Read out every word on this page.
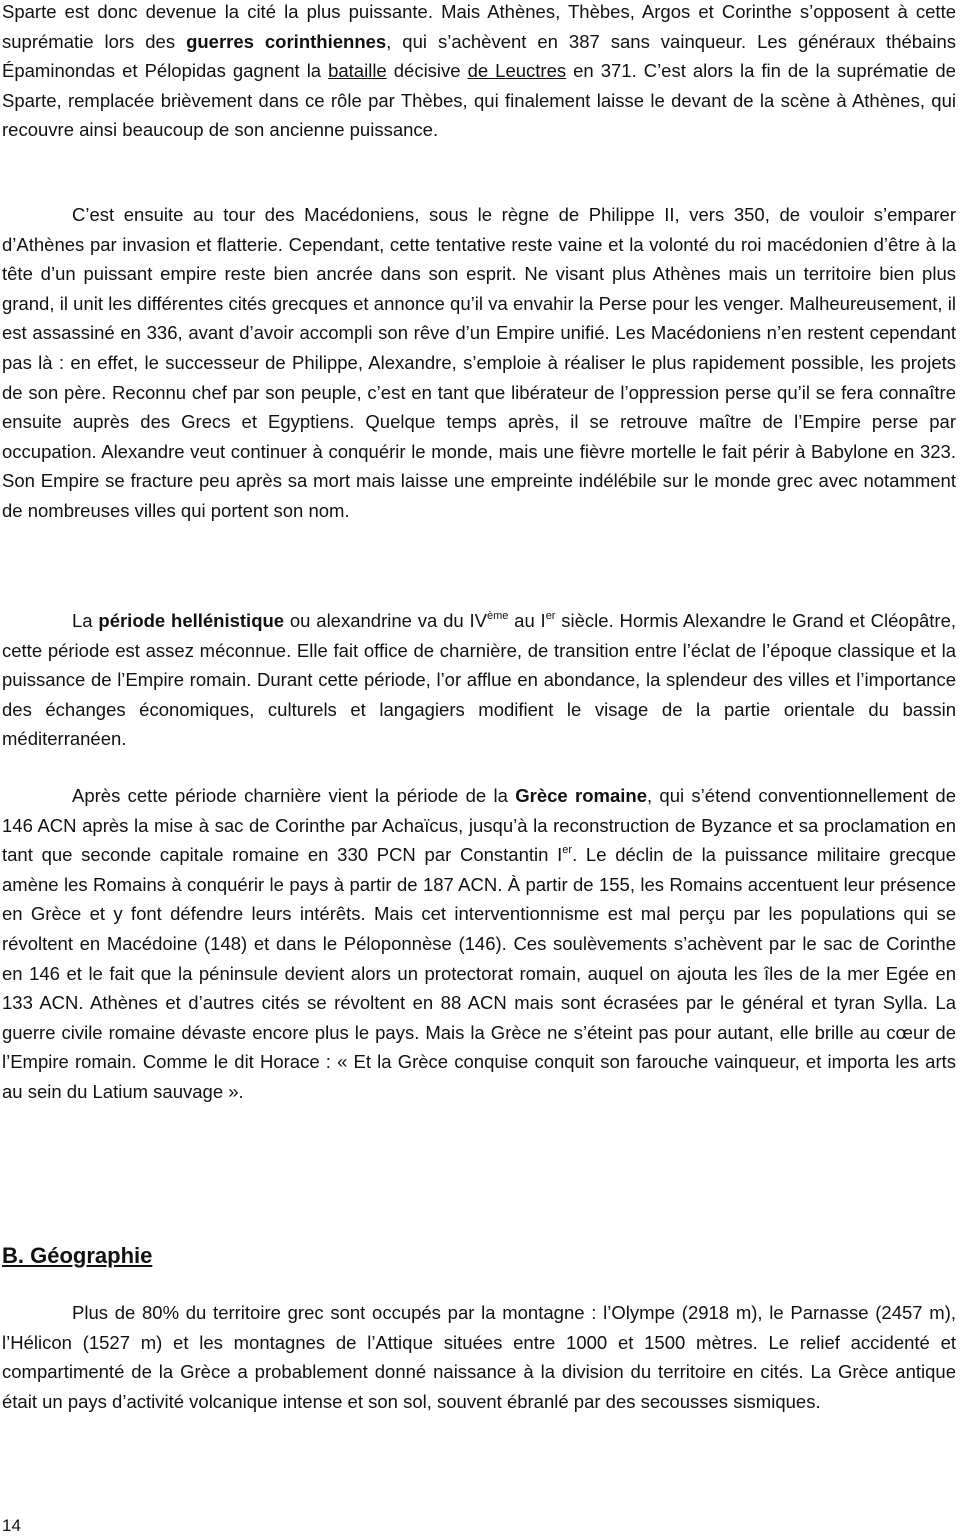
Sparte est donc devenue la cité la plus puissante. Mais Athènes, Thèbes, Argos et Corinthe s’opposent à cette suprématie lors des guerres corinthiennes, qui s’achèvent en 387 sans vainqueur. Les généraux thébains Épaminondas et Pélopidas gagnent la bataille décisive de Leuctres en 371. C’est alors la fin de la suprématie de Sparte, remplacée brièvement dans ce rôle par Thèbes, qui finalement laisse le devant de la scène à Athènes, qui recouvre ainsi beaucoup de son ancienne puissance.

C’est ensuite au tour des Macédoniens, sous le règne de Philippe II, vers 350, de vouloir s’emparer d’Athènes par invasion et flatterie. Cependant, cette tentative reste vaine et la volonté du roi macédonien d’être à la tête d’un puissant empire reste bien ancrée dans son esprit. Ne visant plus Athènes mais un territoire bien plus grand, il unit les différentes cités grecques et annonce qu’il va envahir la Perse pour les venger. Malheureusement, il est assassiné en 336, avant d’avoir accompli son rêve d’un Empire unifié. Les Macédoniens n’en restent cependant pas là : en effet, le successeur de Philippe, Alexandre, s’emploie à réaliser le plus rapidement possible, les projets de son père. Reconnu chef par son peuple, c’est en tant que libérateur de l’oppression perse qu’il se fera connaître ensuite auprès des Grecs et Egyptiens. Quelque temps après, il se retrouve maître de l’Empire perse par occupation. Alexandre veut continuer à conquérir le monde, mais une fièvre mortelle le fait périr à Babylone en 323. Son Empire se fracture peu après sa mort mais laisse une empreinte indélébile sur le monde grec avec notamment de nombreuses villes qui portent son nom.

La période hellénistique ou alexandrine va du IVème au Ier siècle. Hormis Alexandre le Grand et Cléopâtre, cette période est assez méconnue. Elle fait office de charnière, de transition entre l’éclat de l’époque classique et la puissance de l’Empire romain. Durant cette période, l’or afflue en abondance, la splendeur des villes et l’importance des échanges économiques, culturels et langagiers modifient le visage de la partie orientale du bassin méditerranéen.

Après cette période charnière vient la période de la Grèce romaine, qui s’étend conventionnellement de 146 ACN après la mise à sac de Corinthe par Achaïcus, jusqu’à la reconstruction de Byzance et sa proclamation en tant que seconde capitale romaine en 330 PCN par Constantin Ier. Le déclin de la puissance militaire grecque amène les Romains à conquérir le pays à partir de 187 ACN. À partir de 155, les Romains accentuent leur présence en Grèce et y font défendre leurs intérêts. Mais cet interventionnisme est mal perçu par les populations qui se révoltent en Macédoine (148) et dans le Péloponnèse (146). Ces soulèvements s’achèvent par le sac de Corinthe en 146 et le fait que la péninsule devient alors un protectorat romain, auquel on ajouta les îles de la mer Egée en 133 ACN. Athènes et d’autres cités se révoltent en 88 ACN mais sont écrasées par le général et tyran Sylla. La guerre civile romaine dévaste encore plus le pays. Mais la Grèce ne s’éteint pas pour autant, elle brille au cœur de l’Empire romain. Comme le dit Horace : « Et la Grèce conquise conquit son farouche vainqueur, et importa les arts au sein du Latium sauvage ».

B. Géographie

Plus de 80% du territoire grec sont occupés par la montagne : l’Olympe (2918 m), le Parnasse (2457 m), l’Hélicon (1527 m) et les montagnes de l’Attique situées entre 1000 et 1500 mètres. Le relief accidenté et compartimenté de la Grèce a probablement donné naissance à la division du territoire en cités. La Grèce antique était un pays d’activité volcanique intense et son sol, souvent ébranlé par des secousses sismiques.

14
